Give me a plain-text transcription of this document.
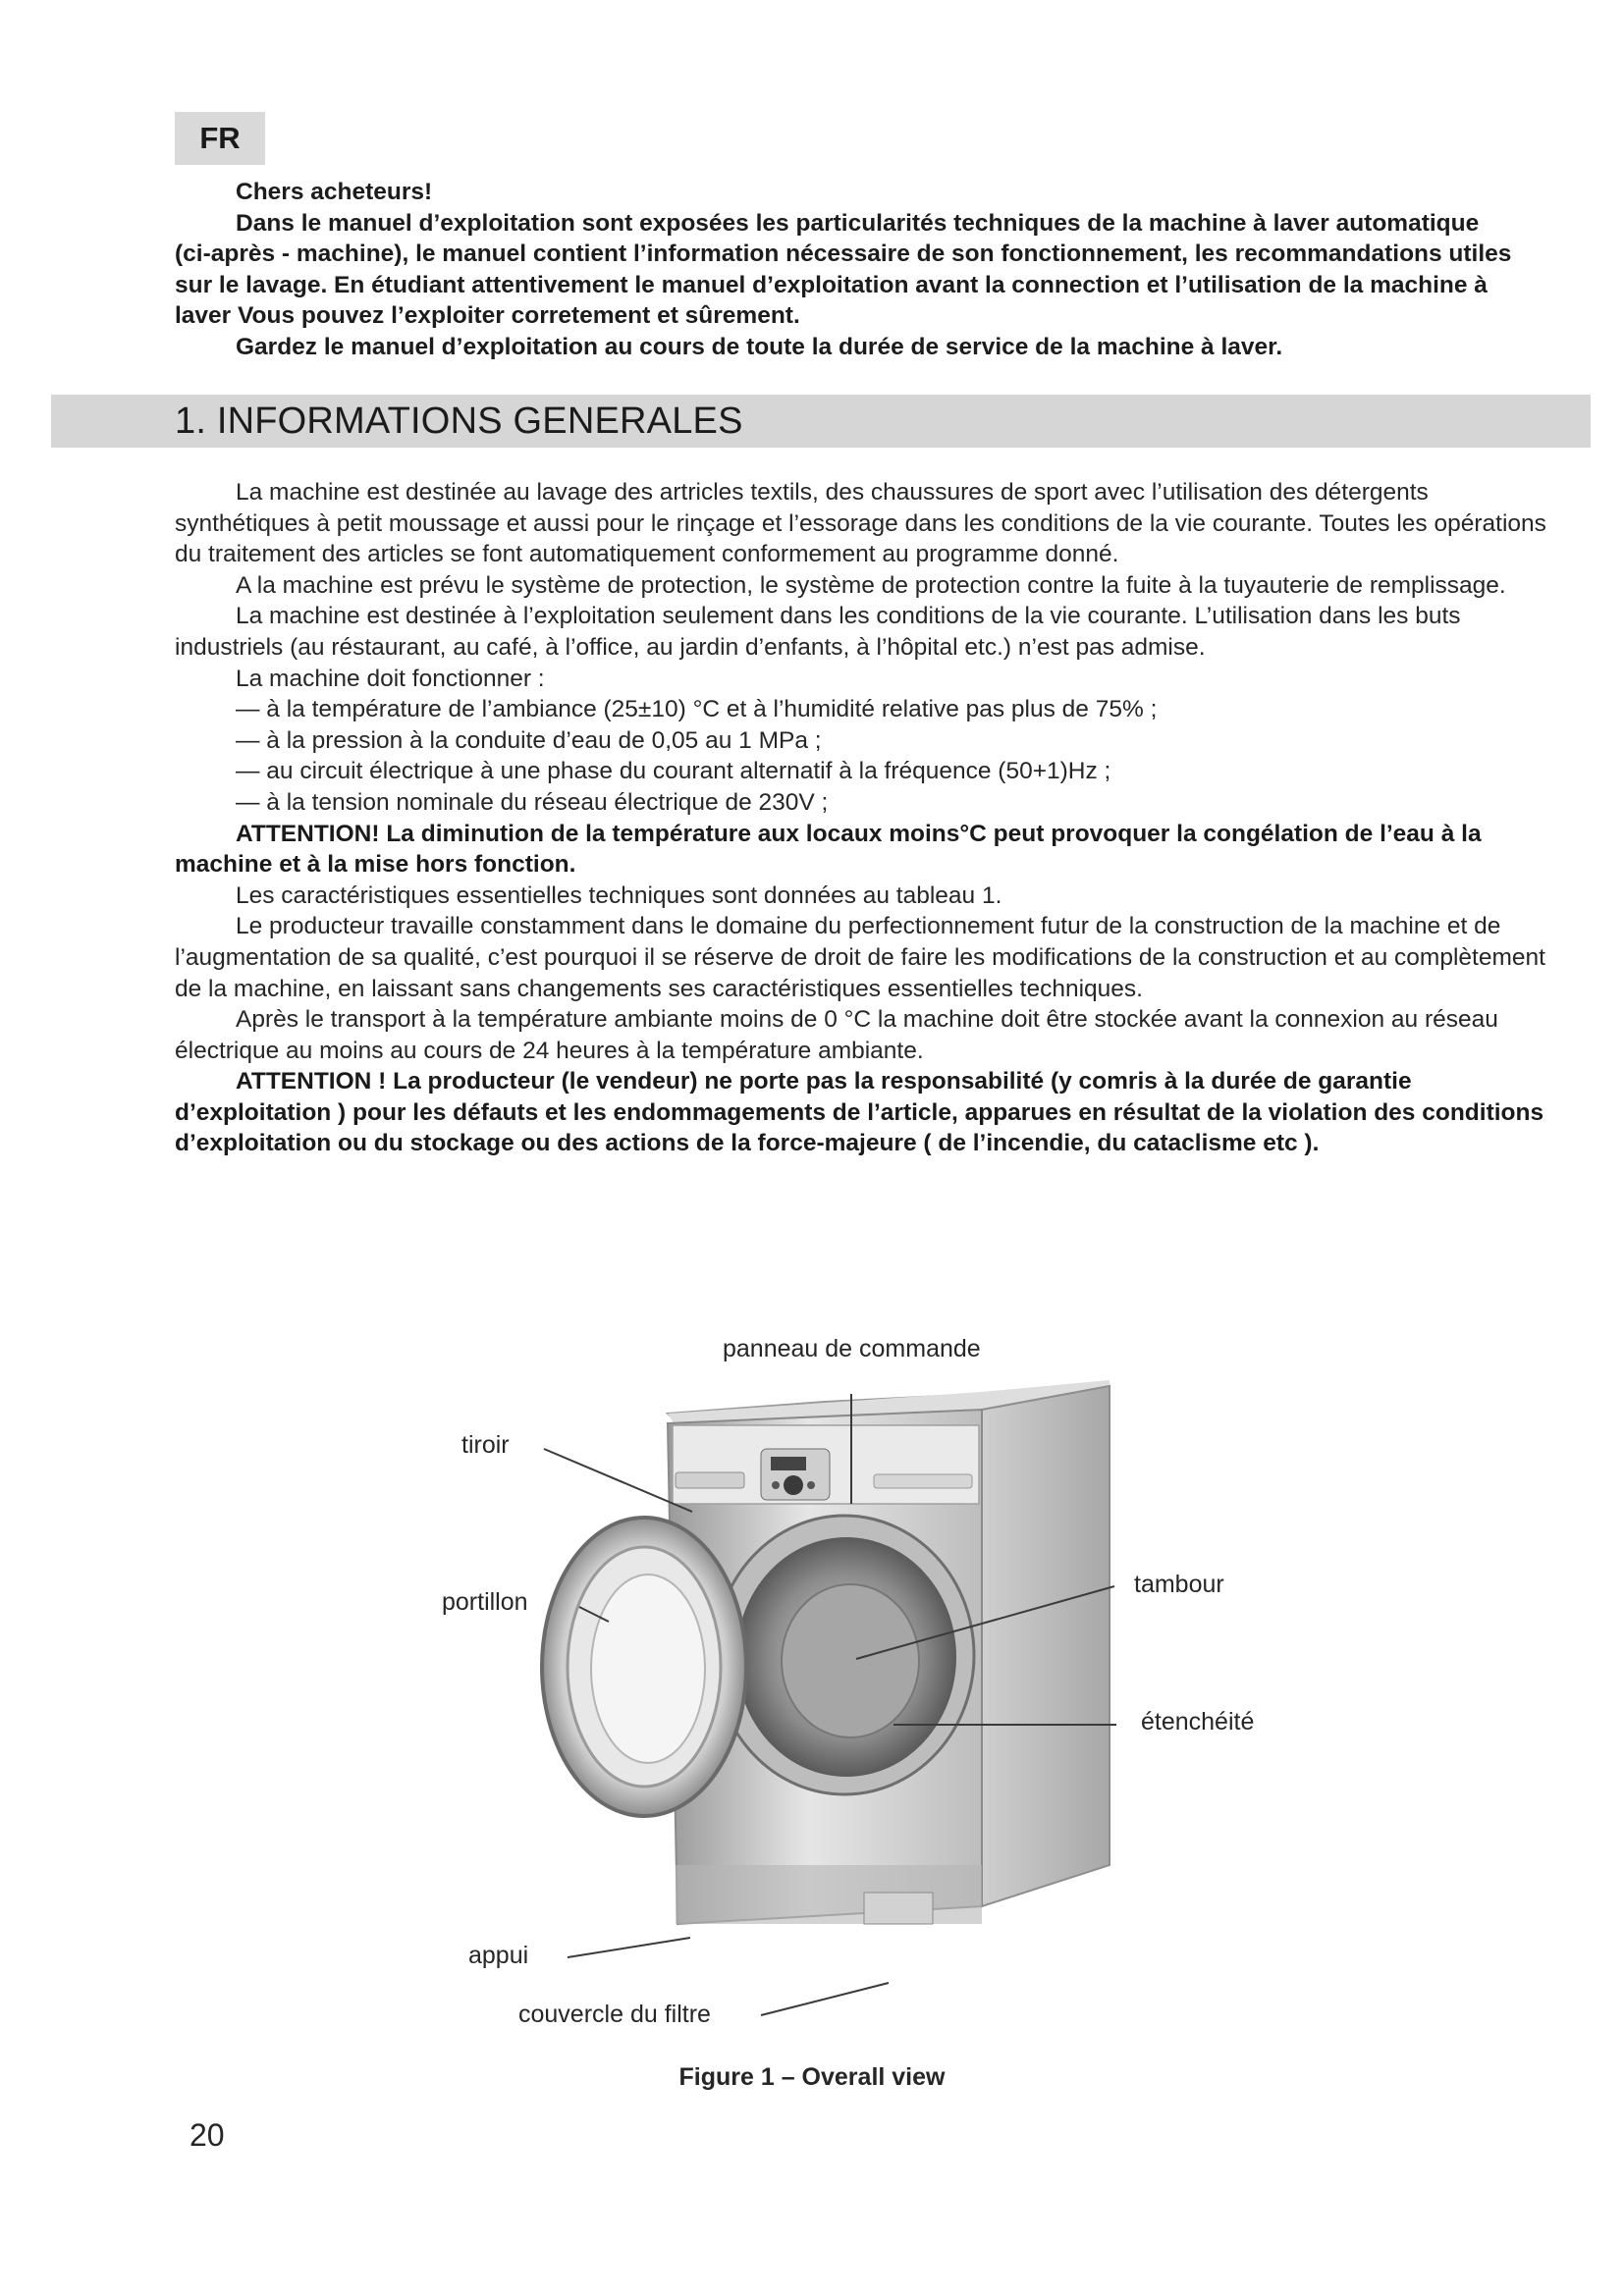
FR

Chers acheteurs!

Dans le manuel d’exploitation sont exposées les particularités techniques de la machine à laver automatique (ci-après - machine), le manuel contient l’information nécessaire de son fonctionnement, les recommandations utiles sur le lavage. En étudiant attentivement le manuel d’exploitation avant la connection et l’utilisation de la machine à laver Vous pouvez l’exploiter corretement et sûrement.

Gardez le manuel d’exploitation au cours de toute la durée de service de la machine à laver.

1. INFORMATIONS GENERALES

La machine est destinée au lavage des artricles textils, des chaussures de sport avec l’utilisation des détergents synthétiques à petit moussage et aussi pour le rinçage et l’essorage dans les conditions de la vie courante. Toutes les opérations du traitement des articles se font automatiquement conformement au programme donné.

A la machine est prévu le système de protection, le système de protection contre la fuite à la tuyauterie de remplissage.

La machine est destinée à l’exploitation seulement dans les conditions de la vie courante. L’utilisation dans les buts industriels (au réstaurant, au café, à l’office, au jardin d’enfants, à l’hôpital etc.) n’est pas admise.

La machine doit fonctionner :

— à la température de l’ambiance (25±10) °C et à l’humidité relative pas plus de 75% ;

— à la pression à la conduite d’eau de 0,05 au 1 MPa ;

— au circuit électrique à une phase du courant alternatif à la fréquence (50+1)Hz ;

— à la tension nominale du réseau électrique de 230V ;

ATTENTION! La diminution de la température aux locaux moins°C peut provoquer la congélation de l’eau à la machine et à la mise hors fonction.

Les caractéristiques essentielles techniques sont données au tableau 1.

Le producteur travaille constamment dans le domaine du perfectionnement futur de la construction de la machine et de l’augmentation de sa qualité, c’est pourquoi il se réserve de droit de faire les modifications de la construction et au complètement de la machine, en laissant sans changements ses caractéristiques essentielles techniques.

Après le transport à la température ambiante moins de 0 °C la machine doit être stockée avant la connexion au réseau électrique au moins au cours de 24 heures à la température ambiante.

ATTENTION ! La producteur (le vendeur) ne porte pas la responsabilité (y comris à la durée de garantie d’exploitation ) pour les défauts et les endommagements de l’article, apparues en résultat de la violation des conditions d’exploitation ou du stockage ou des actions de la force-majeure ( de l’incendie, du cataclisme etc ).

panneau de commande
tiroir
portillon
tambour
étenchéité
appui
couvercle du filtre
Figure 1 – Overall view
20
